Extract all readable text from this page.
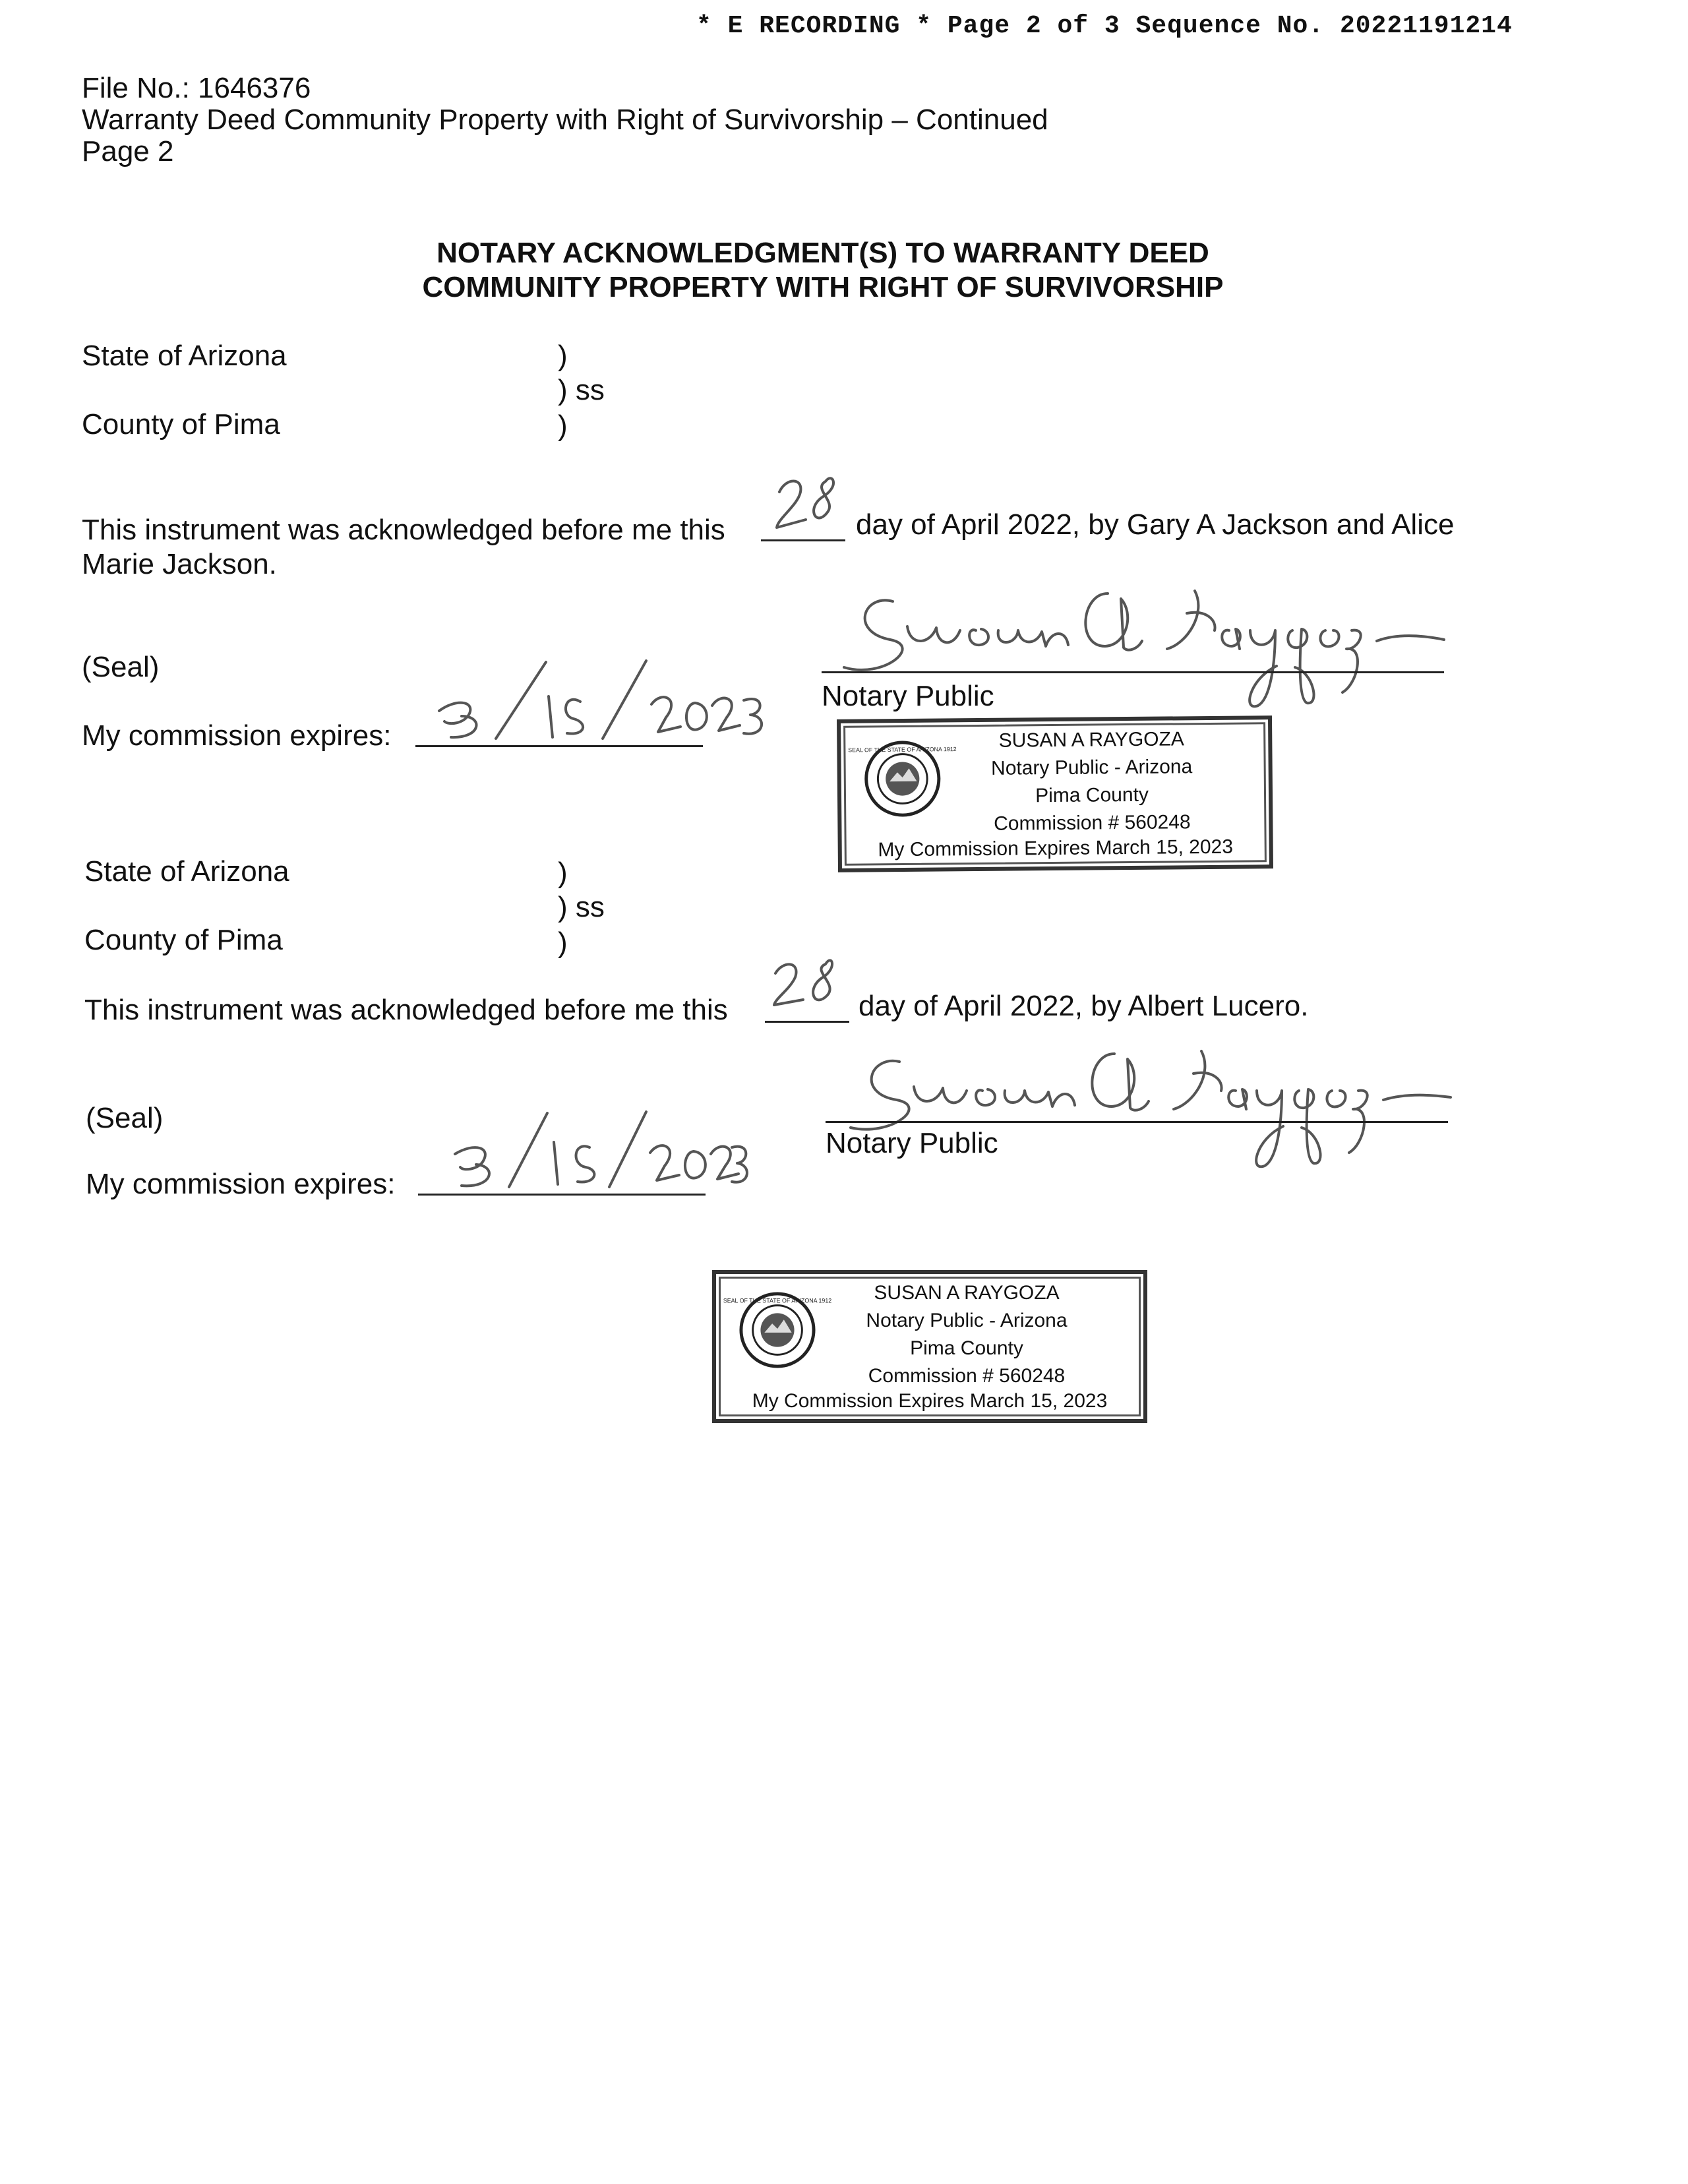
* E RECORDING * Page 2 of 3 Sequence No. 20221191214
File No.: 1646376
Warranty Deed Community Property with Right of Survivorship – Continued
Page 2
NOTARY ACKNOWLEDGMENT(S) TO WARRANTY DEED
COMMUNITY PROPERTY WITH RIGHT OF SURVIVORSHIP
State of Arizona	)
) ss
County of Pima	)
This instrument was acknowledged before me this	day of April 2022, by Gary A Jackson and Alice
Marie Jackson.
(Seal)
My commission expires:
Notary Public
SEAL OF THE STATE OF ARIZONA 1912	SUSAN A RAYGOZA
Notary Public - Arizona
Pima County
Commission # 560248
My Commission Expires March 15, 2023
State of Arizona	)
) ss
County of Pima	)
This instrument was acknowledged before me this	day of April 2022, by Albert Lucero.
(Seal)
My commission expires:
Notary Public
SEAL OF THE STATE OF ARIZONA 1912	SUSAN A RAYGOZA
Notary Public - Arizona
Pima County
Commission # 560248
My Commission Expires March 15, 2023
